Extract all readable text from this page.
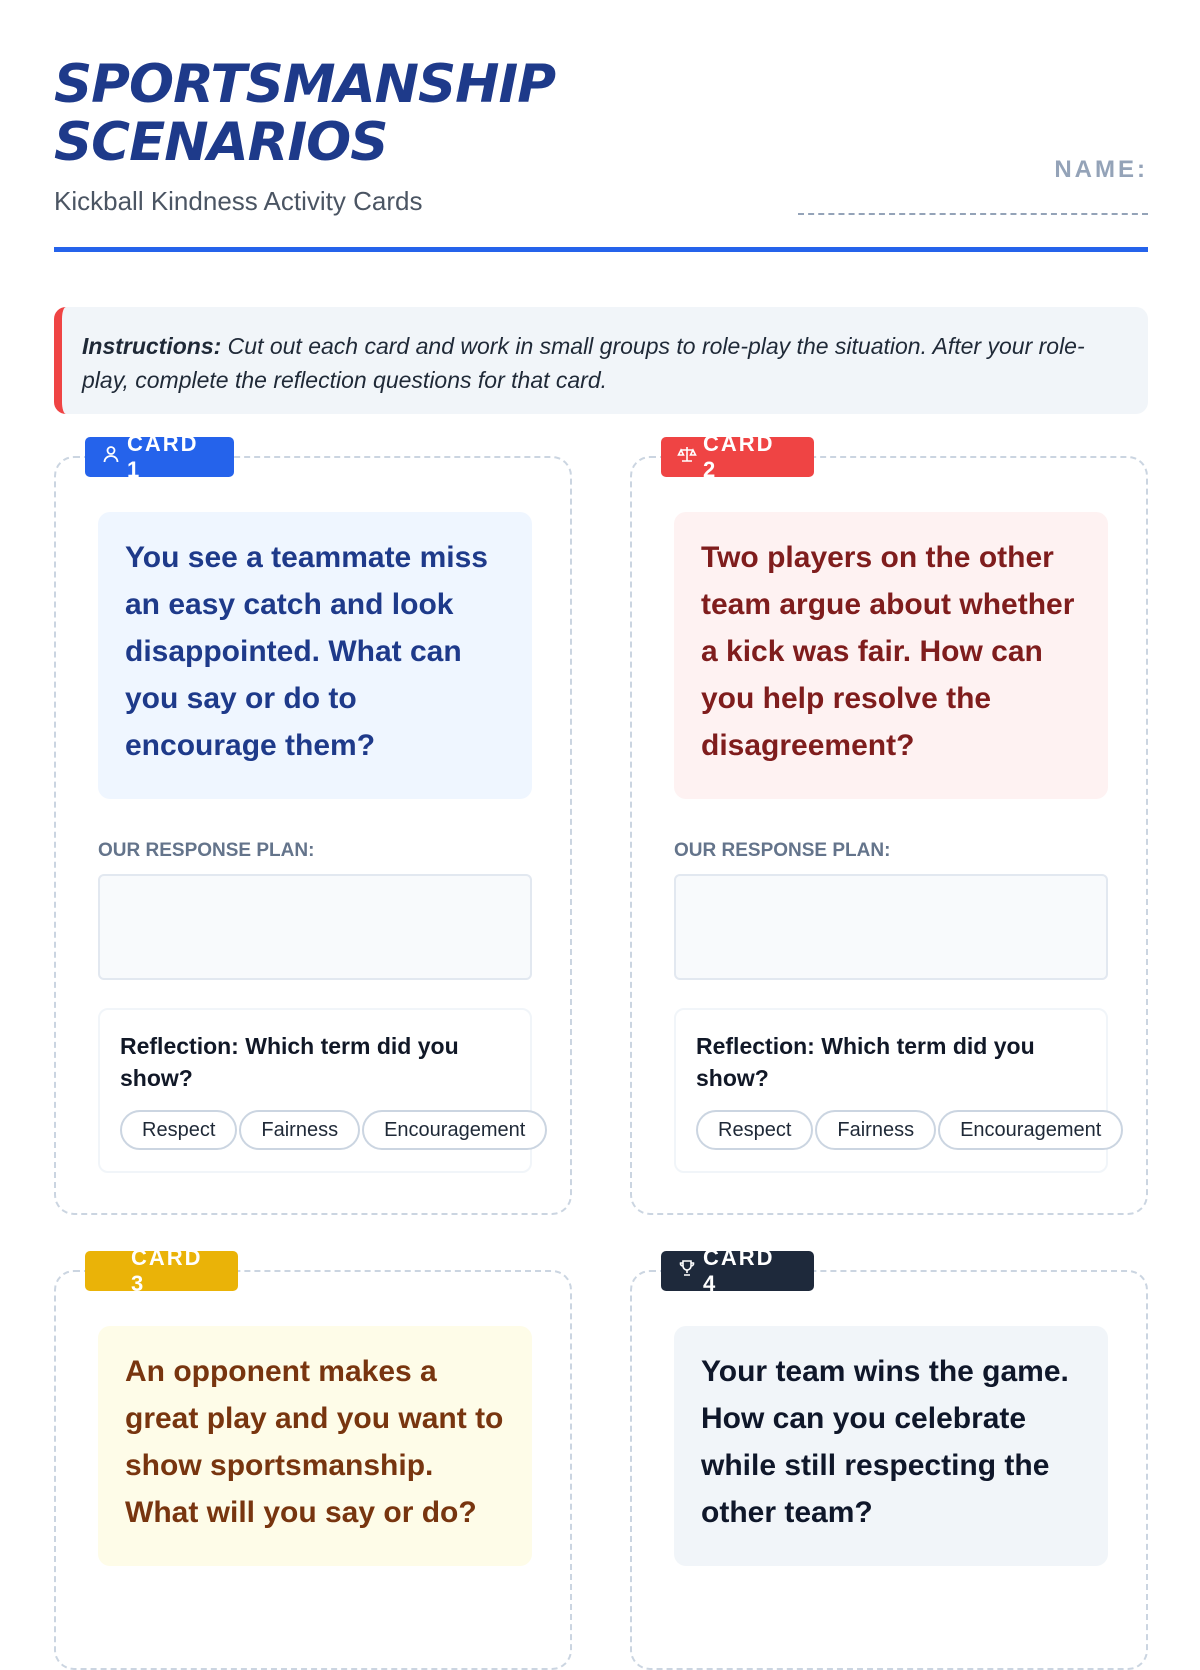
SPORTSMANSHIP
SCENARIOS
Kickball Kindness Activity Cards
NAME:
Instructions: Cut out each card and work in small groups to role-play the situation. After your role-play, complete the reflection questions for that card.
CARD 1
You see a teammate miss an easy catch and look disappointed. What can you say or do to encourage them?
OUR RESPONSE PLAN:
Reflection: Which term did you show?
Respect	Fairness	Encouragement
CARD 2
Two players on the other team argue about whether a kick was fair. How can you help resolve the disagreement?
OUR RESPONSE PLAN:
Reflection: Which term did you show?
Respect	Fairness	Encouragement
CARD 3
An opponent makes a great play and you want to show sportsmanship. What will you say or do?
CARD 4
Your team wins the game. How can you celebrate while still respecting the other team?
